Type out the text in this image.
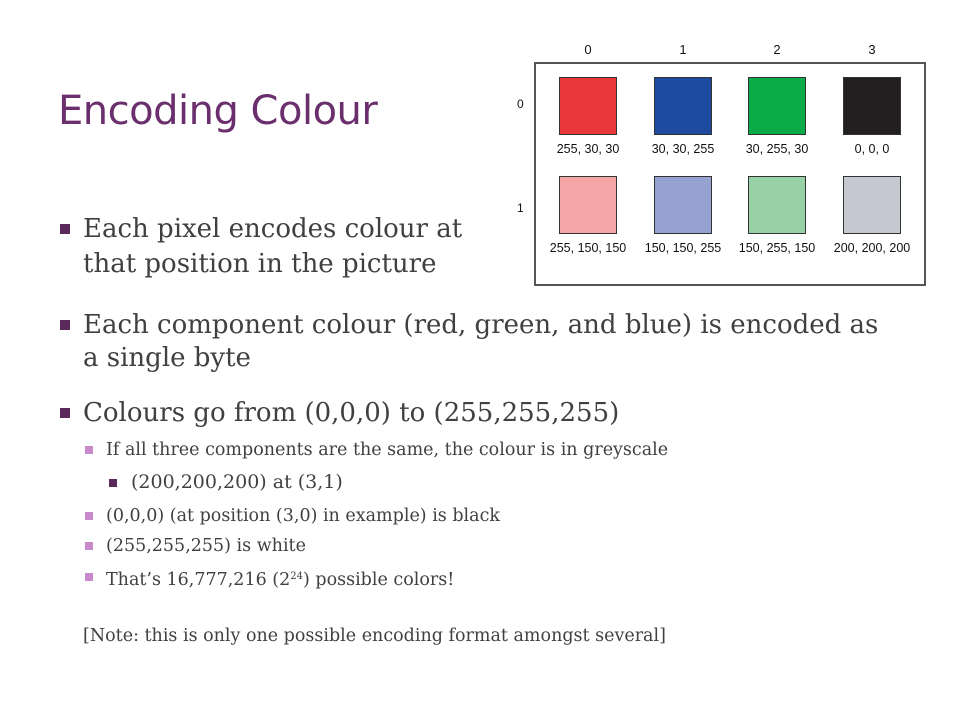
Encoding Colour
0	1	2	3
0
1
255, 30, 30	30, 30, 255	30, 255, 30	0, 0, 0
255, 150, 150	150, 150, 255	150, 255, 150	200, 200, 200
Each pixel encodes colour at
that position in the picture
Each component colour (red, green, and blue) is encoded as
a single byte
Colours go from (0,0,0) to (255,255,255)
If all three components are the same, the colour is in greyscale
(200,200,200) at (3,1)
(0,0,0) (at position (3,0) in example) is black
(255,255,255) is white
That’s 16,777,216 $(2^{24})$ possible colors!
[Note: this is only one possible encoding format amongst several]
